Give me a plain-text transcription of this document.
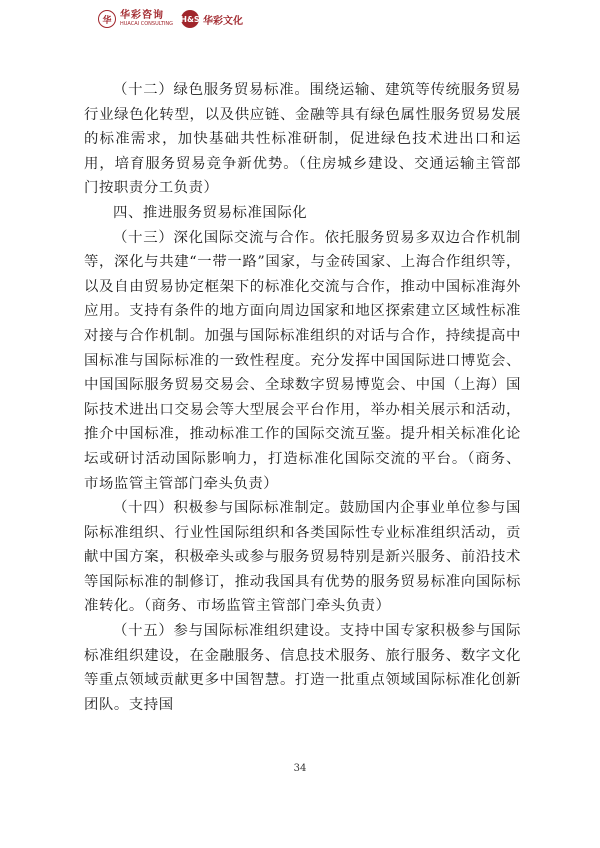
华 华彩咨询
HUACAI CONSULTING
H&S 华彩文化

（十二）绿色服务贸易标准。围绕运输、建筑等传统服务贸易行业绿色化转型，以及供应链、金融等具有绿色属性服务贸易发展的标准需求，加快基础共性标准研制，促进绿色技术进出口和运用，培育服务贸易竞争新优势。（住房城乡建设、交通运输主管部门按职责分工负责）

四、推进服务贸易标准国际化

（十三）深化国际交流与合作。依托服务贸易多双边合作机制等，深化与共建“一带一路”国家，与金砖国家、上海合作组织等，以及自由贸易协定框架下的标准化交流与合作，推动中国标准海外应用。支持有条件的地方面向周边国家和地区探索建立区域性标准对接与合作机制。加强与国际标准组织的对话与合作，持续提高中国标准与国际标准的一致性程度。充分发挥中国国际进口博览会、中国国际服务贸易交易会、全球数字贸易博览会、中国（上海）国际技术进出口交易会等大型展会平台作用，举办相关展示和活动，推介中国标准，推动标准工作的国际交流互鉴。提升相关标准化论坛或研讨活动国际影响力，打造标准化国际交流的平台。（商务、市场监管主管部门牵头负责）

（十四）积极参与国际标准制定。鼓励国内企事业单位参与国际标准组织、行业性国际组织和各类国际性专业标准组织活动，贡献中国方案，积极牵头或参与服务贸易特别是新兴服务、前沿技术等国际标准的制修订，推动我国具有优势的服务贸易标准向国际标准转化。（商务、市场监管主管部门牵头负责）

（十五）参与国际标准组织建设。支持中国专家积极参与国际标准组织建设，在金融服务、信息技术服务、旅行服务、数字文化等重点领域贡献更多中国智慧。打造一批重点领域国际标准化创新团队。支持国

34
